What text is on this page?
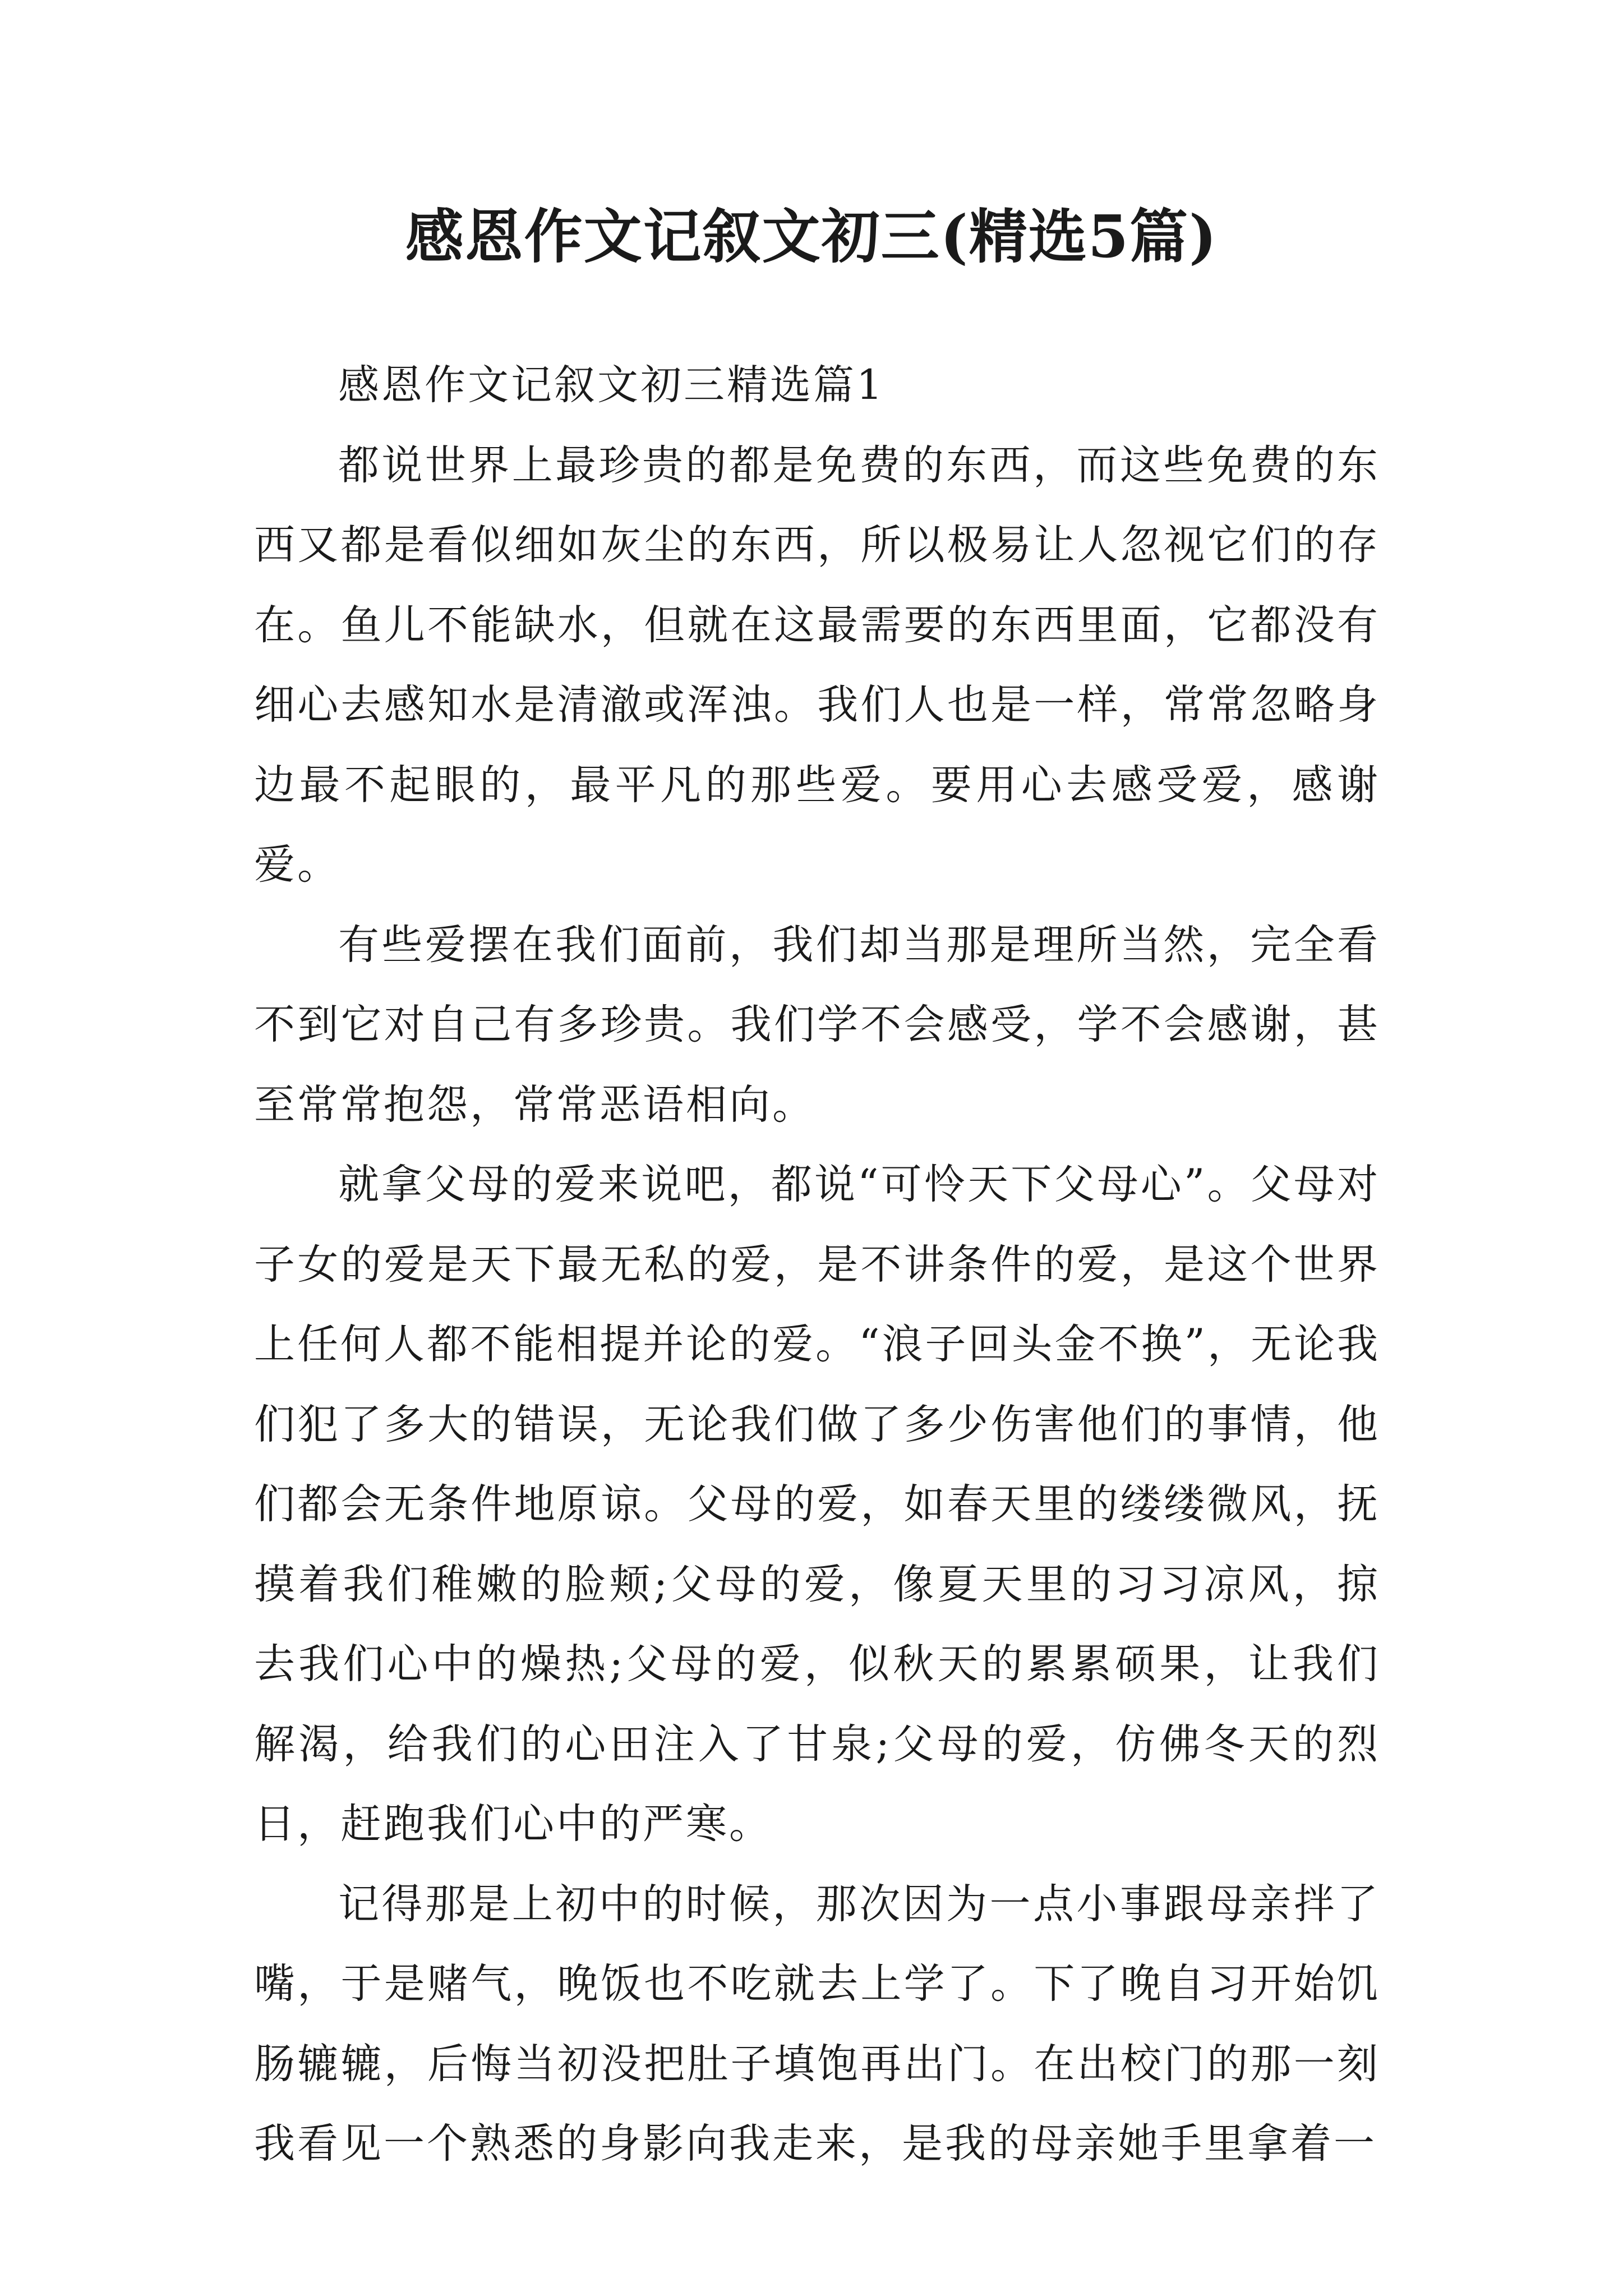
感恩作文记叙文初三(精选5篇)

感恩作文记叙文初三精选篇1

都说世界上最珍贵的都是免费的东西，而这些免费的东西又都是看似细如灰尘的东西，所以极易让人忽视它们的存在。鱼儿不能缺水，但就在这最需要的东西里面，它都没有细心去感知水是清澈或浑浊。我们人也是一样，常常忽略身边最不起眼的，最平凡的那些爱。要用心去感受爱，感谢爱。

有些爱摆在我们面前，我们却当那是理所当然，完全看不到它对自己有多珍贵。我们学不会感受，学不会感谢，甚至常常抱怨，常常恶语相向。

就拿父母的爱来说吧，都说“可怜天下父母心”。父母对子女的爱是天下最无私的爱，是不讲条件的爱，是这个世界上任何人都不能相提并论的爱。“浪子回头金不换”，无论我们犯了多大的错误，无论我们做了多少伤害他们的事情，他们都会无条件地原谅。父母的爱，如春天里的缕缕微风，抚摸着我们稚嫩的脸颊;父母的爱，像夏天里的习习凉风，掠去我们心中的燥热;父母的爱，似秋天的累累硕果，让我们解渴，给我们的心田注入了甘泉;父母的爱，仿佛冬天的烈日，赶跑我们心中的严寒。

记得那是上初中的时候，那次因为一点小事跟母亲拌了嘴，于是赌气，晚饭也不吃就去上学了。下了晚自习开始饥肠辘辘，后悔当初没把肚子填饱再出门。在出校门的那一刻我看见一个熟悉的身影向我走来，是我的母亲她手里拿着一
